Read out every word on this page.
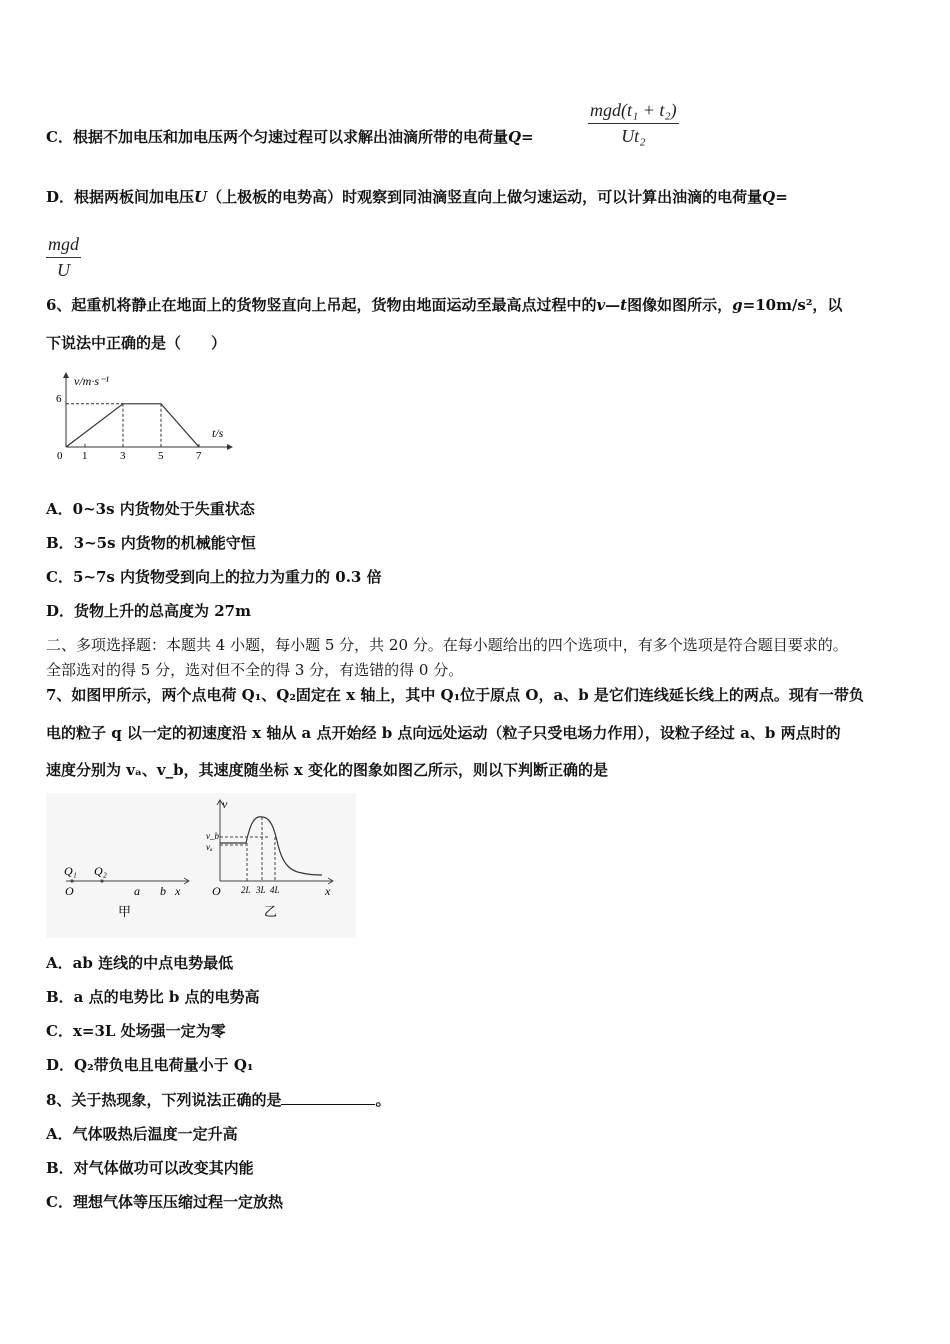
C．根据不加电压和加电压两个匀速过程可以求解出油滴所带的电荷量Q=
mgd(t₁ + t₂)
Ut₂
D．根据两板间加电压U（上极板的电势高）时观察到同油滴竖直向上做匀速运动，可以计算出油滴的电荷量Q=
mgd
U
6、起重机将静止在地面上的货物竖直向上吊起，货物由地面运动至最高点过程中的v—t图像如图所示，g=10m/s²，以
下说法中正确的是（　　）
v/m·s⁻¹
t/s
0
6
1	3	5	7
A．0~3s 内货物处于失重状态
B．3~5s 内货物的机械能守恒
C．5~7s 内货物受到向上的拉力为重力的 0.3 倍
D．货物上升的总高度为 27m
二、多项选择题：本题共 4 小题，每小题 5 分，共 20 分。在每小题给出的四个选项中，有多个选项是符合题目要求的。
全部选对的得 5 分，选对但不全的得 3 分，有选错的得 0 分。
7、如图甲所示，两个点电荷 Q₁、Q₂固定在 x 轴上，其中 Q₁位于原点 O，a、b 是它们连线延长线上的两点。现有一带负
电的粒子 q 以一定的初速度沿 x 轴从 a 点开始经 b 点向远处运动（粒子只受电场力作用），设粒子经过 a、b 两点时的
速度分别为 vₐ、v_b，其速度随坐标 x 变化的图象如图乙所示，则以下判断正确的是
Q₁ Q₂
O	a b x
甲
v
v_b
vₐ
O 2L 3L 4L	x
乙
A．ab 连线的中点电势最低
B．a 点的电势比 b 点的电势高
C．x=3L 处场强一定为零
D．Q₂带负电且电荷量小于 Q₁
8、关于热现象，下列说法正确的是	。
A．气体吸热后温度一定升高
B．对气体做功可以改变其内能
C．理想气体等压压缩过程一定放热
